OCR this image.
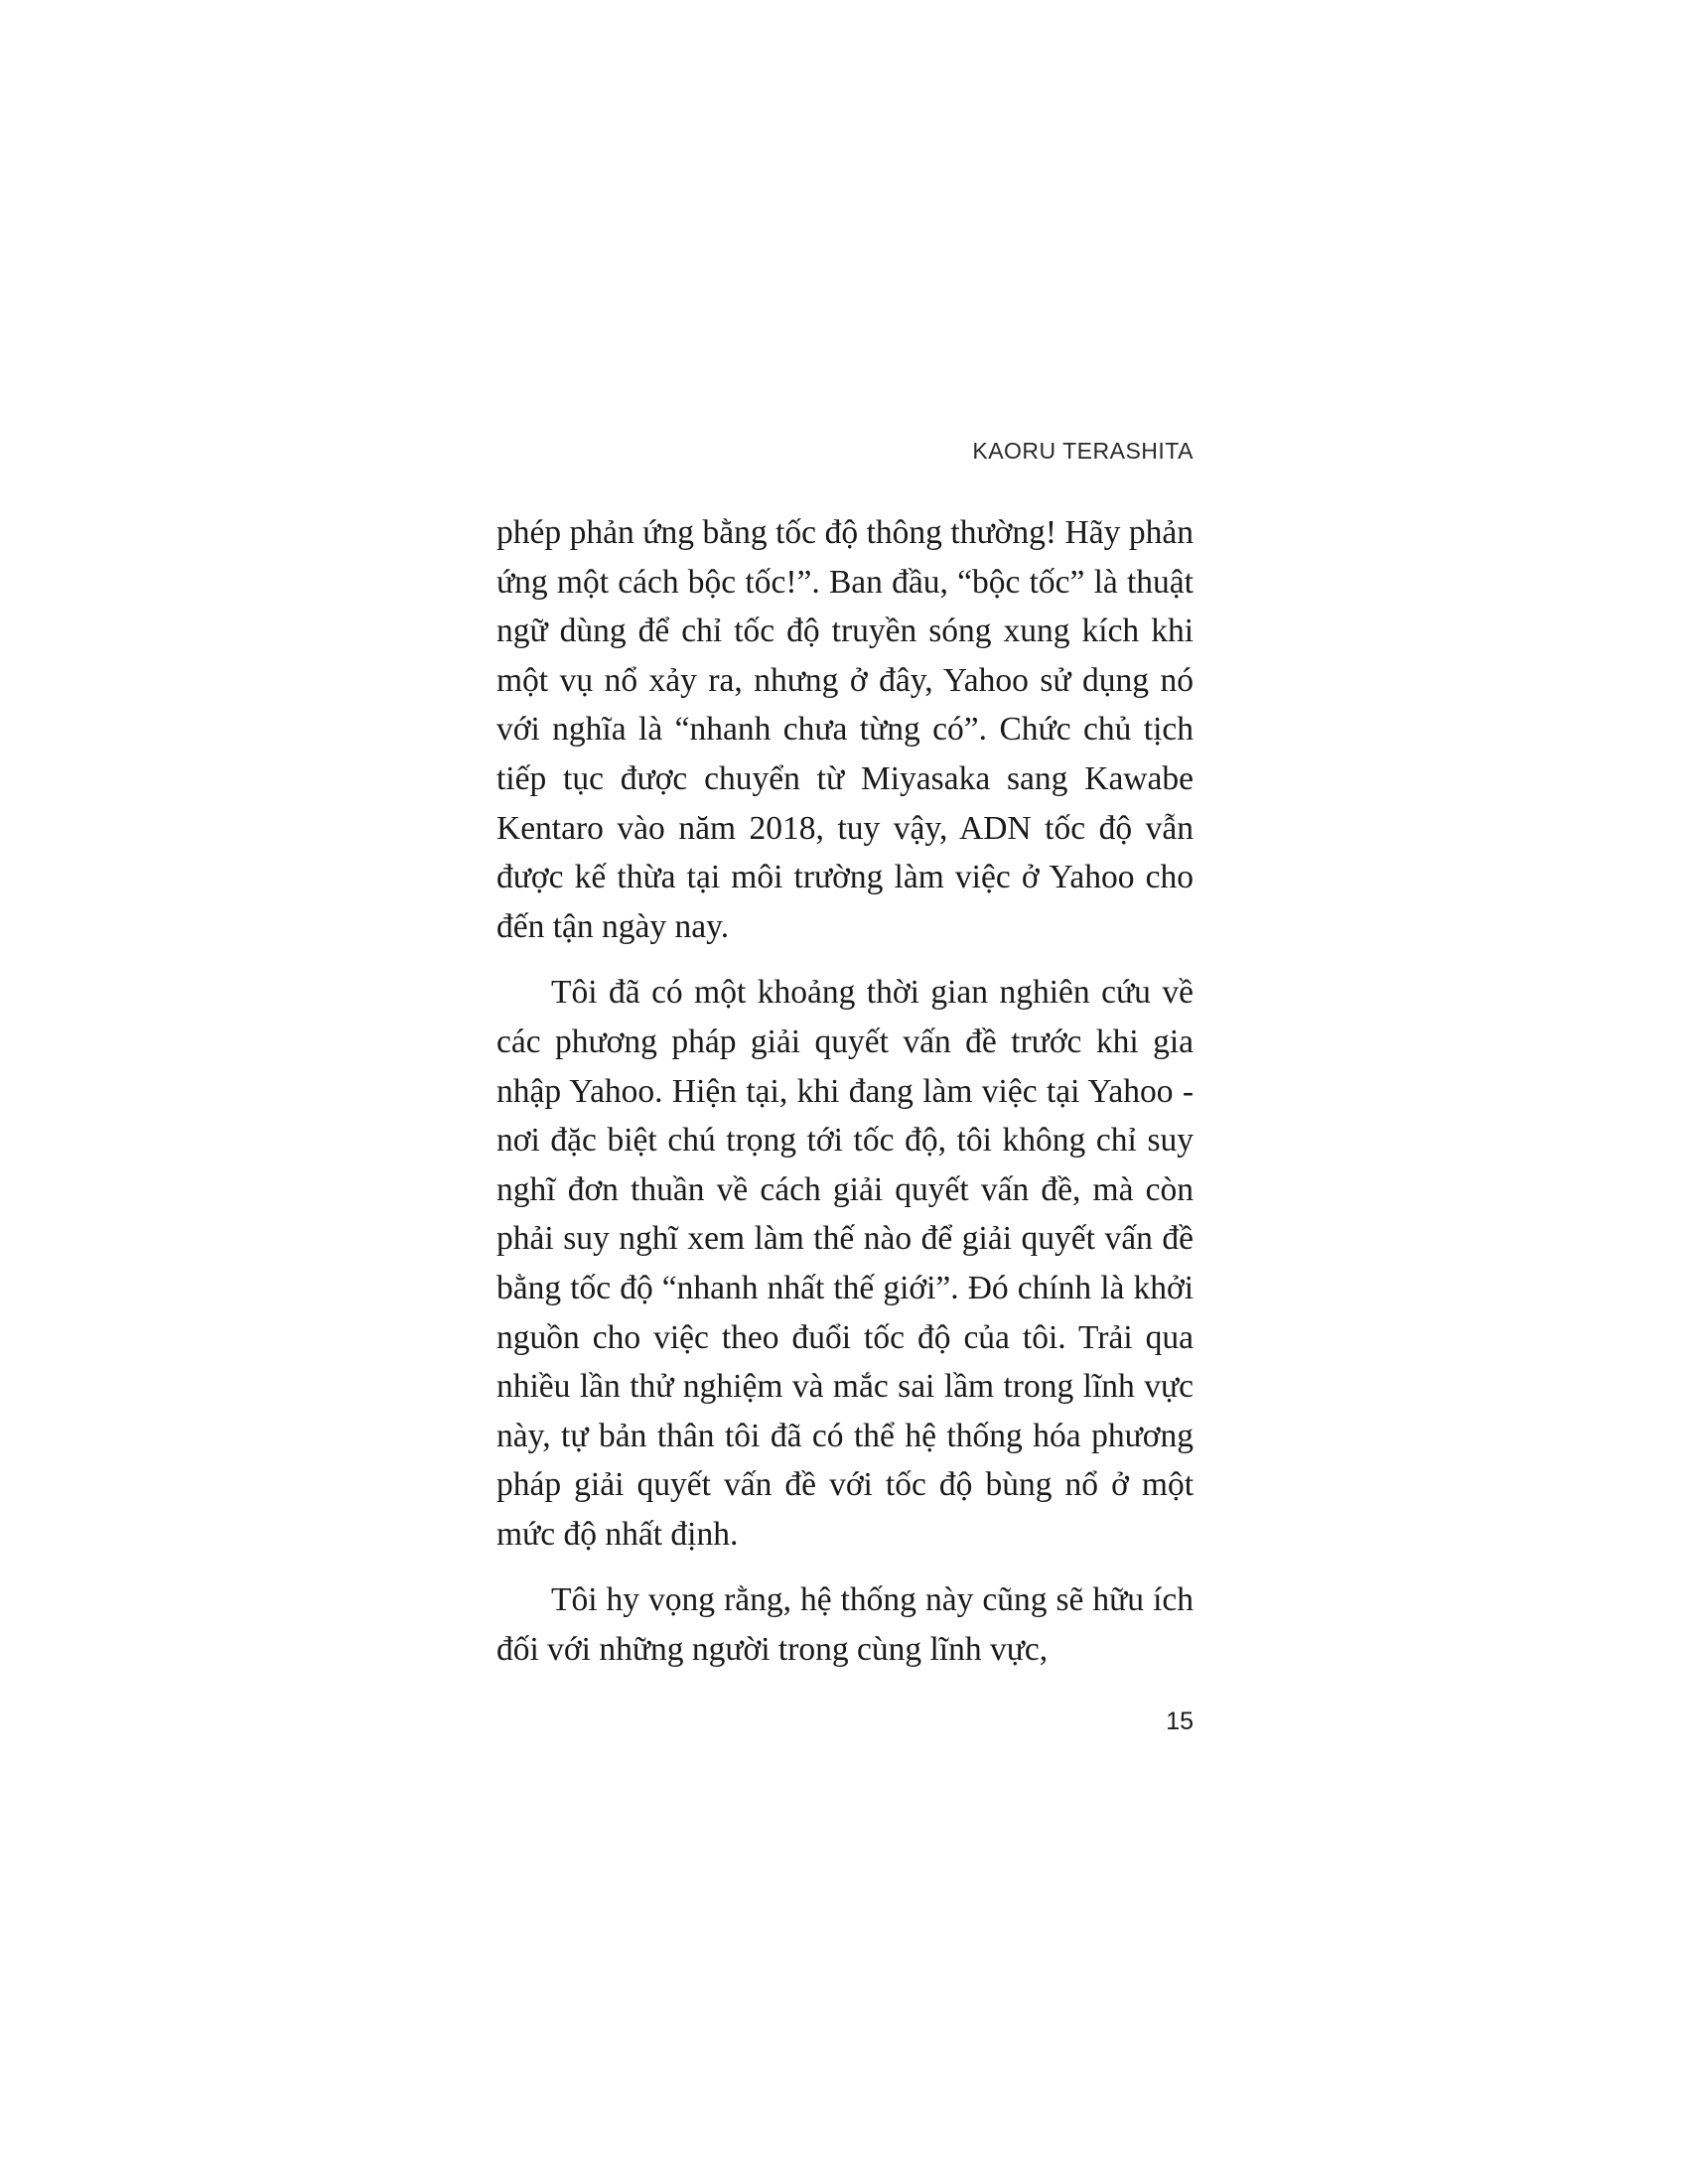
KAORU TERASHITA

phép phản ứng bằng tốc độ thông thường! Hãy phản ứng một cách bộc tốc!”. Ban đầu, “bộc tốc” là thuật ngữ dùng để chỉ tốc độ truyền sóng xung kích khi một vụ nổ xảy ra, nhưng ở đây, Yahoo sử dụng nó với nghĩa là “nhanh chưa từng có”. Chức chủ tịch tiếp tục được chuyển từ Miyasaka sang Kawabe Kentaro vào năm 2018, tuy vậy, ADN tốc độ vẫn được kế thừa tại môi trường làm việc ở Yahoo cho đến tận ngày nay.

Tôi đã có một khoảng thời gian nghiên cứu về các phương pháp giải quyết vấn đề trước khi gia nhập Yahoo. Hiện tại, khi đang làm việc tại Yahoo - nơi đặc biệt chú trọng tới tốc độ, tôi không chỉ suy nghĩ đơn thuần về cách giải quyết vấn đề, mà còn phải suy nghĩ xem làm thế nào để giải quyết vấn đề bằng tốc độ “nhanh nhất thế giới”. Đó chính là khởi nguồn cho việc theo đuổi tốc độ của tôi. Trải qua nhiều lần thử nghiệm và mắc sai lầm trong lĩnh vực này, tự bản thân tôi đã có thể hệ thống hóa phương pháp giải quyết vấn đề với tốc độ bùng nổ ở một mức độ nhất định.

Tôi hy vọng rằng, hệ thống này cũng sẽ hữu ích đối với những người trong cùng lĩnh vực,

15
